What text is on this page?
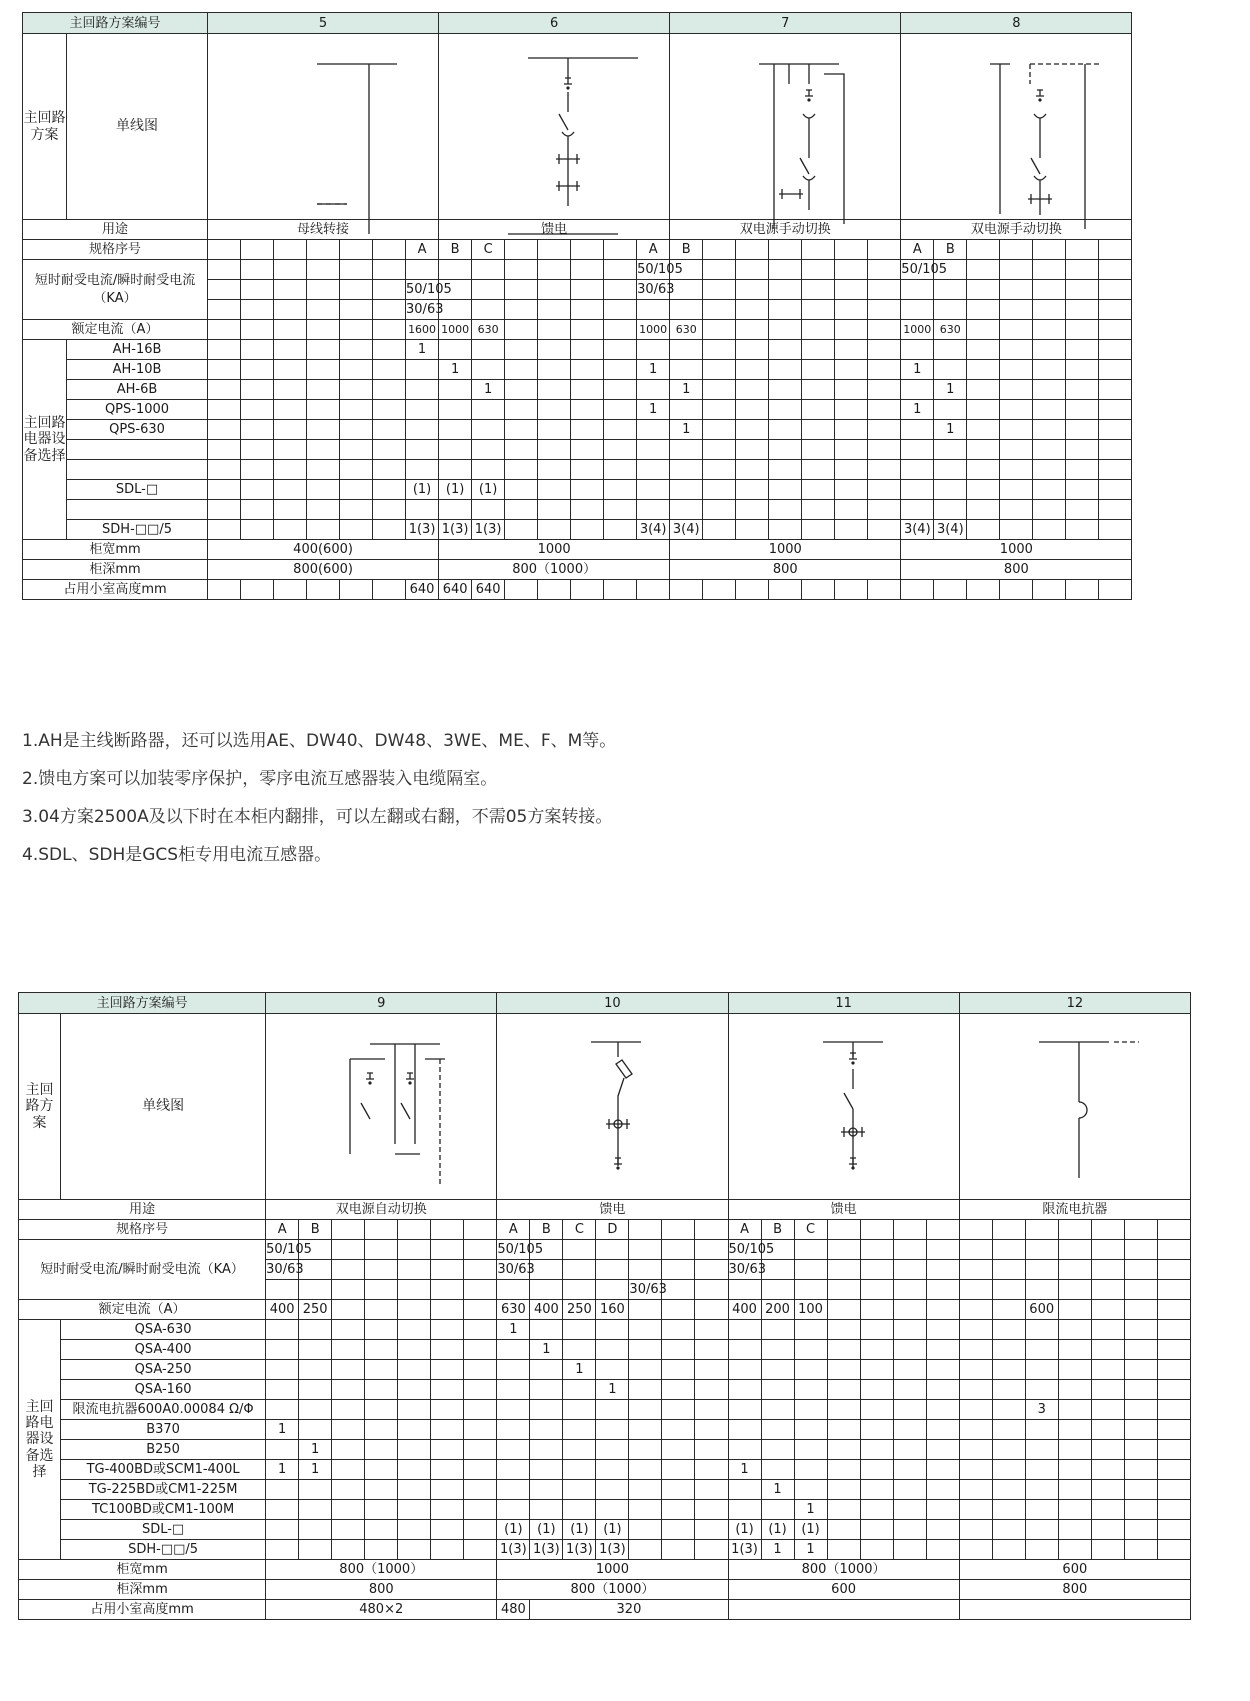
主回路方案编号		5							6							7							8						
主回路方案	单线图	

用途		母线转接							馈电							双电源手动切换							双电源手动切换						
规格序号								A	B	C					A	B							A	B					
短时耐受电流/瞬时耐受电流（KA）															50/105								50/105						
								50/105							30/63														
								30/63																					
额定电流（A）								1600	1000	630					1000	630							1000	630					
主回路电器设备选择	AH-16B							1																					
	AH-10B								1						1								1						
	AH-6B									1						1								1					
	QPS-1000														1								1						
	QPS-630															1								1					

	SDL-□							(1)	(1)	(1)																			

	SDH-□□/5							1(3)	1(3)	1(3)					3(4)	3(4)							3(4)	3(4)					
柜宽mm		400(600)							1000							1000							1000						
柜深mm		800(600)							800（1000）							800							800						
占用小室高度mm								640	640	640																			
1.AH是主线断路器，还可以选用AE、DW40、DW48、3WE、ME、F、M等。
2.馈电方案可以加装零序保护，零序电流互感器装入电缆隔室。
3.04方案2500A及以下时在本柜内翻排，可以左翻或右翻，不需05方案转接。
4.SDL、SDH是GCS柜专用电流互感器。
主回路方案编号		9							10							11							12						
主回路方案	单线图	

用途		双电源自动切换							馈电							馈电							限流电抗器						
规格序号		A	B						A	B	C	D				A	B	C											
短时耐受电流/瞬时耐受电流（KA）		50/105							50/105							50/105													
		30/63							30/63							30/63													
													30/63																
额定电流（A）		400	250						630	400	250	160				400	200	100							600				
主回路电器设备选择	QSA-630								1																				
	QSA-400									1																			
	QSA-250										1																		
	QSA-160											1																	
	限流电抗器600A0.00084 Ω/Φ																								3				
	B370	1																											
	B250		1																										
	TG-400BD或SCM1-400L	1	1													1													
	TG-225BD或CM1-225M																1												
	TC100BD或CM1-100M																	1											
	SDL-□								(1)	(1)	(1)	(1)				(1)	(1)	(1)											
	SDH-□□/5								1(3)	1(3)	1(3)	1(3)				1(3)	1	1											
柜宽mm		800（1000）							1000							800（1000）							600						
柜深mm		800							800（1000）							600							800						
占用小室高度mm		480×2							480	320																			
